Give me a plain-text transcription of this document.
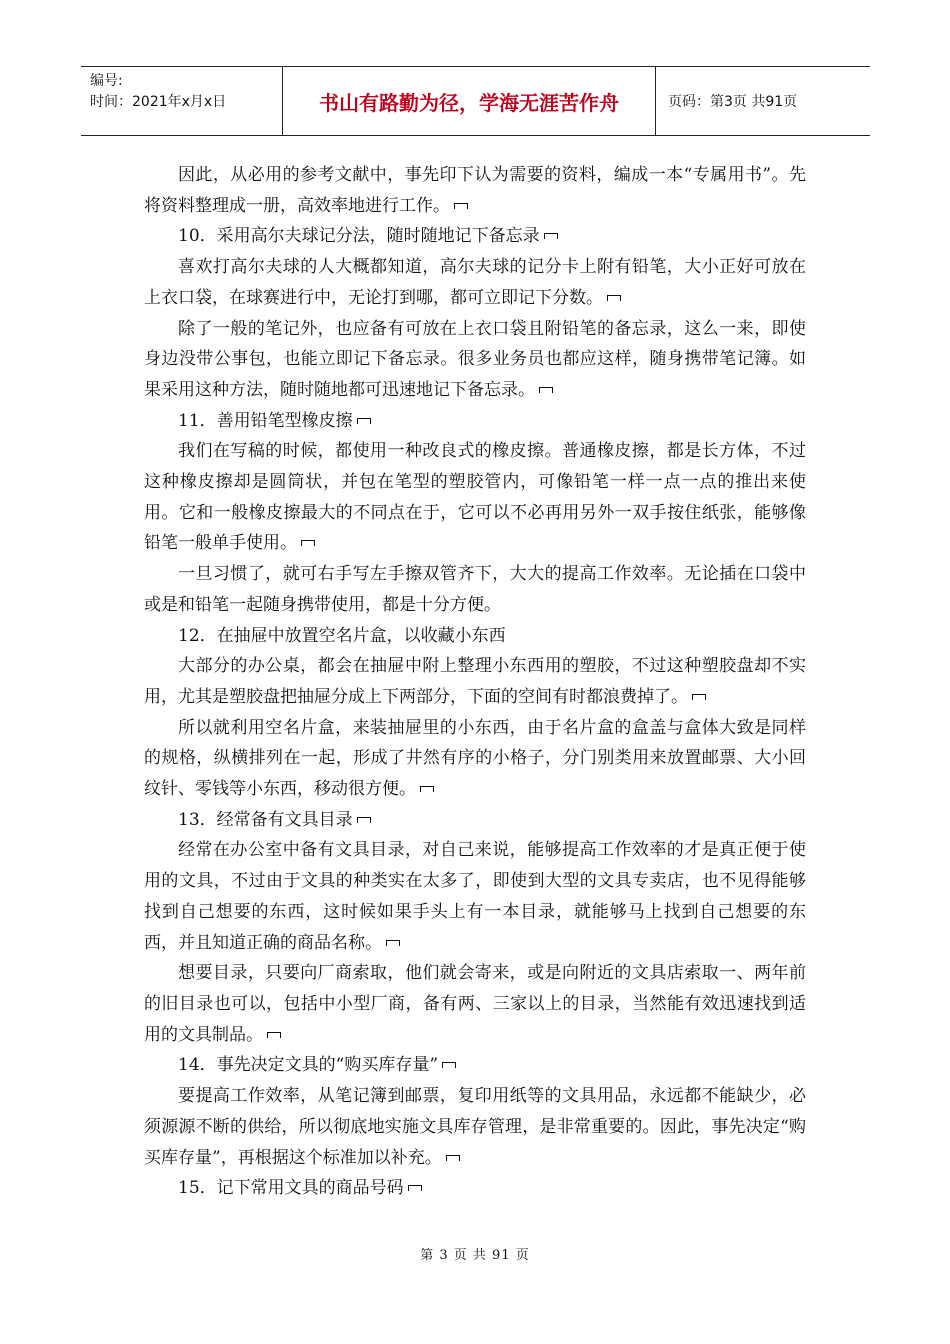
编号:
时间：2021年x月x日	书山有路勤为径，学海无涯苦作舟	页码：第3页 共91页

因此，从必用的参考文献中，事先印下认为需要的资料，编成一本“专属用书”。先将资料整理成一册，高效率地进行工作。

10．采用高尔夫球记分法，随时随地记下备忘录

喜欢打高尔夫球的人大概都知道，高尔夫球的记分卡上附有铅笔，大小正好可放在上衣口袋，在球赛进行中，无论打到哪，都可立即记下分数。

除了一般的笔记外，也应备有可放在上衣口袋且附铅笔的备忘录，这么一来，即使身边没带公事包，也能立即记下备忘录。很多业务员也都应这样，随身携带笔记簿。如果采用这种方法，随时随地都可迅速地记下备忘录。

11．善用铅笔型橡皮擦

我们在写稿的时候，都使用一种改良式的橡皮擦。普通橡皮擦，都是长方体，不过这种橡皮擦却是圆筒状，并包在笔型的塑胶管内，可像铅笔一样一点一点的推出来使用。它和一般橡皮擦最大的不同点在于，它可以不必再用另外一双手按住纸张，能够像铅笔一般单手使用。

一旦习惯了，就可右手写左手擦双管齐下，大大的提高工作效率。无论插在口袋中或是和铅笔一起随身携带使用，都是十分方便。

12．在抽屉中放置空名片盒，以收藏小东西

大部分的办公桌，都会在抽屉中附上整理小东西用的塑胶，不过这种塑胶盘却不实用，尤其是塑胶盘把抽屉分成上下两部分，下面的空间有时都浪费掉了。

所以就利用空名片盒，来装抽屉里的小东西，由于名片盒的盒盖与盒体大致是同样的规格，纵横排列在一起，形成了井然有序的小格子，分门别类用来放置邮票、大小回纹针、零钱等小东西，移动很方便。

13．经常备有文具目录

经常在办公室中备有文具目录，对自己来说，能够提高工作效率的才是真正便于使用的文具，不过由于文具的种类实在太多了，即使到大型的文具专卖店，也不见得能够找到自己想要的东西，这时候如果手头上有一本目录，就能够马上找到自己想要的东西，并且知道正确的商品名称。

想要目录，只要向厂商索取，他们就会寄来，或是向附近的文具店索取一、两年前的旧目录也可以，包括中小型厂商，备有两、三家以上的目录，当然能有效迅速找到适用的文具制品。

14．事先决定文具的“购买库存量”

要提高工作效率，从笔记簿到邮票，复印用纸等的文具用品，永远都不能缺少，必须源源不断的供给，所以彻底地实施文具库存管理，是非常重要的。因此，事先决定“购买库存量”，再根据这个标准加以补充。

15．记下常用文具的商品号码

第 3 页 共 91 页
